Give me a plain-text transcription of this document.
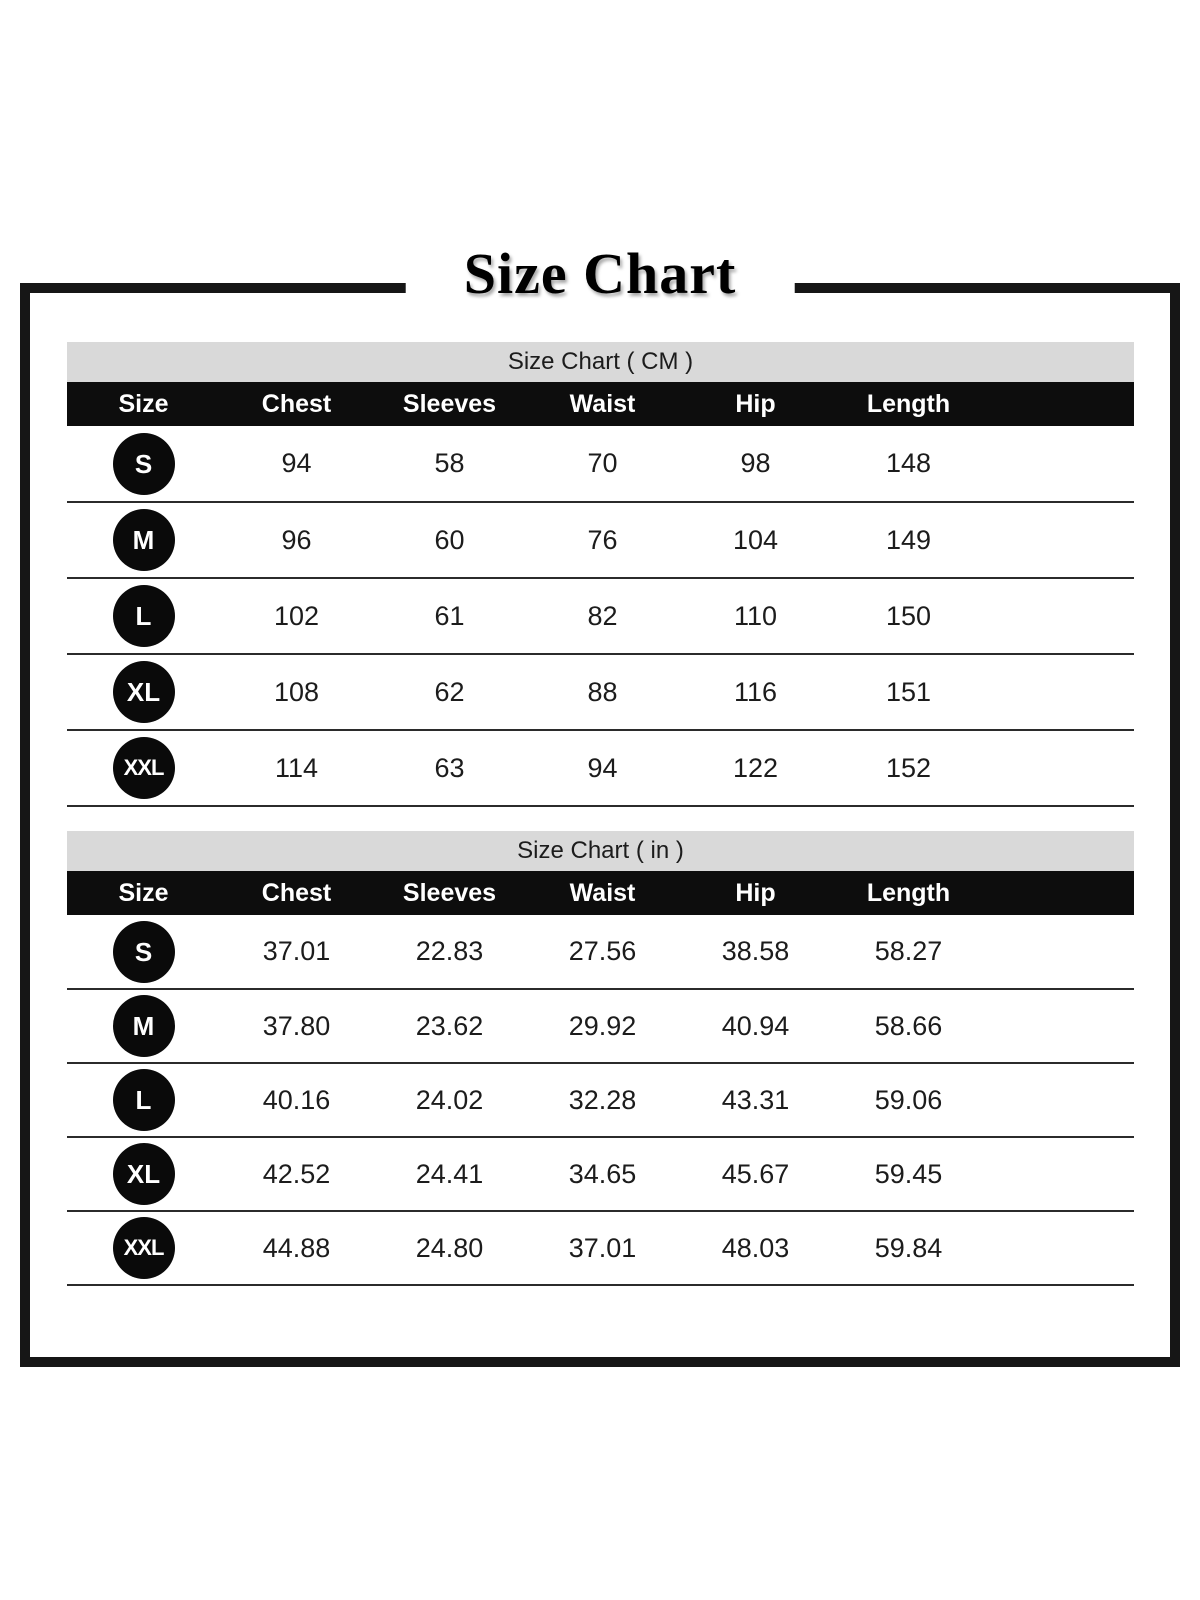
Size Chart
Size Chart ( CM )
Size	Chest	Sleeves	Waist	Hip	Length	
S	94	58	70	98	148	
M	96	60	76	104	149	
L	102	61	82	110	150	
XL	108	62	88	116	151	
XXL	114	63	94	122	152	
Size Chart ( in )
Size	Chest	Sleeves	Waist	Hip	Length	
S	37.01	22.83	27.56	38.58	58.27	
M	37.80	23.62	29.92	40.94	58.66	
L	40.16	24.02	32.28	43.31	59.06	
XL	42.52	24.41	34.65	45.67	59.45	
XXL	44.88	24.80	37.01	48.03	59.84	
